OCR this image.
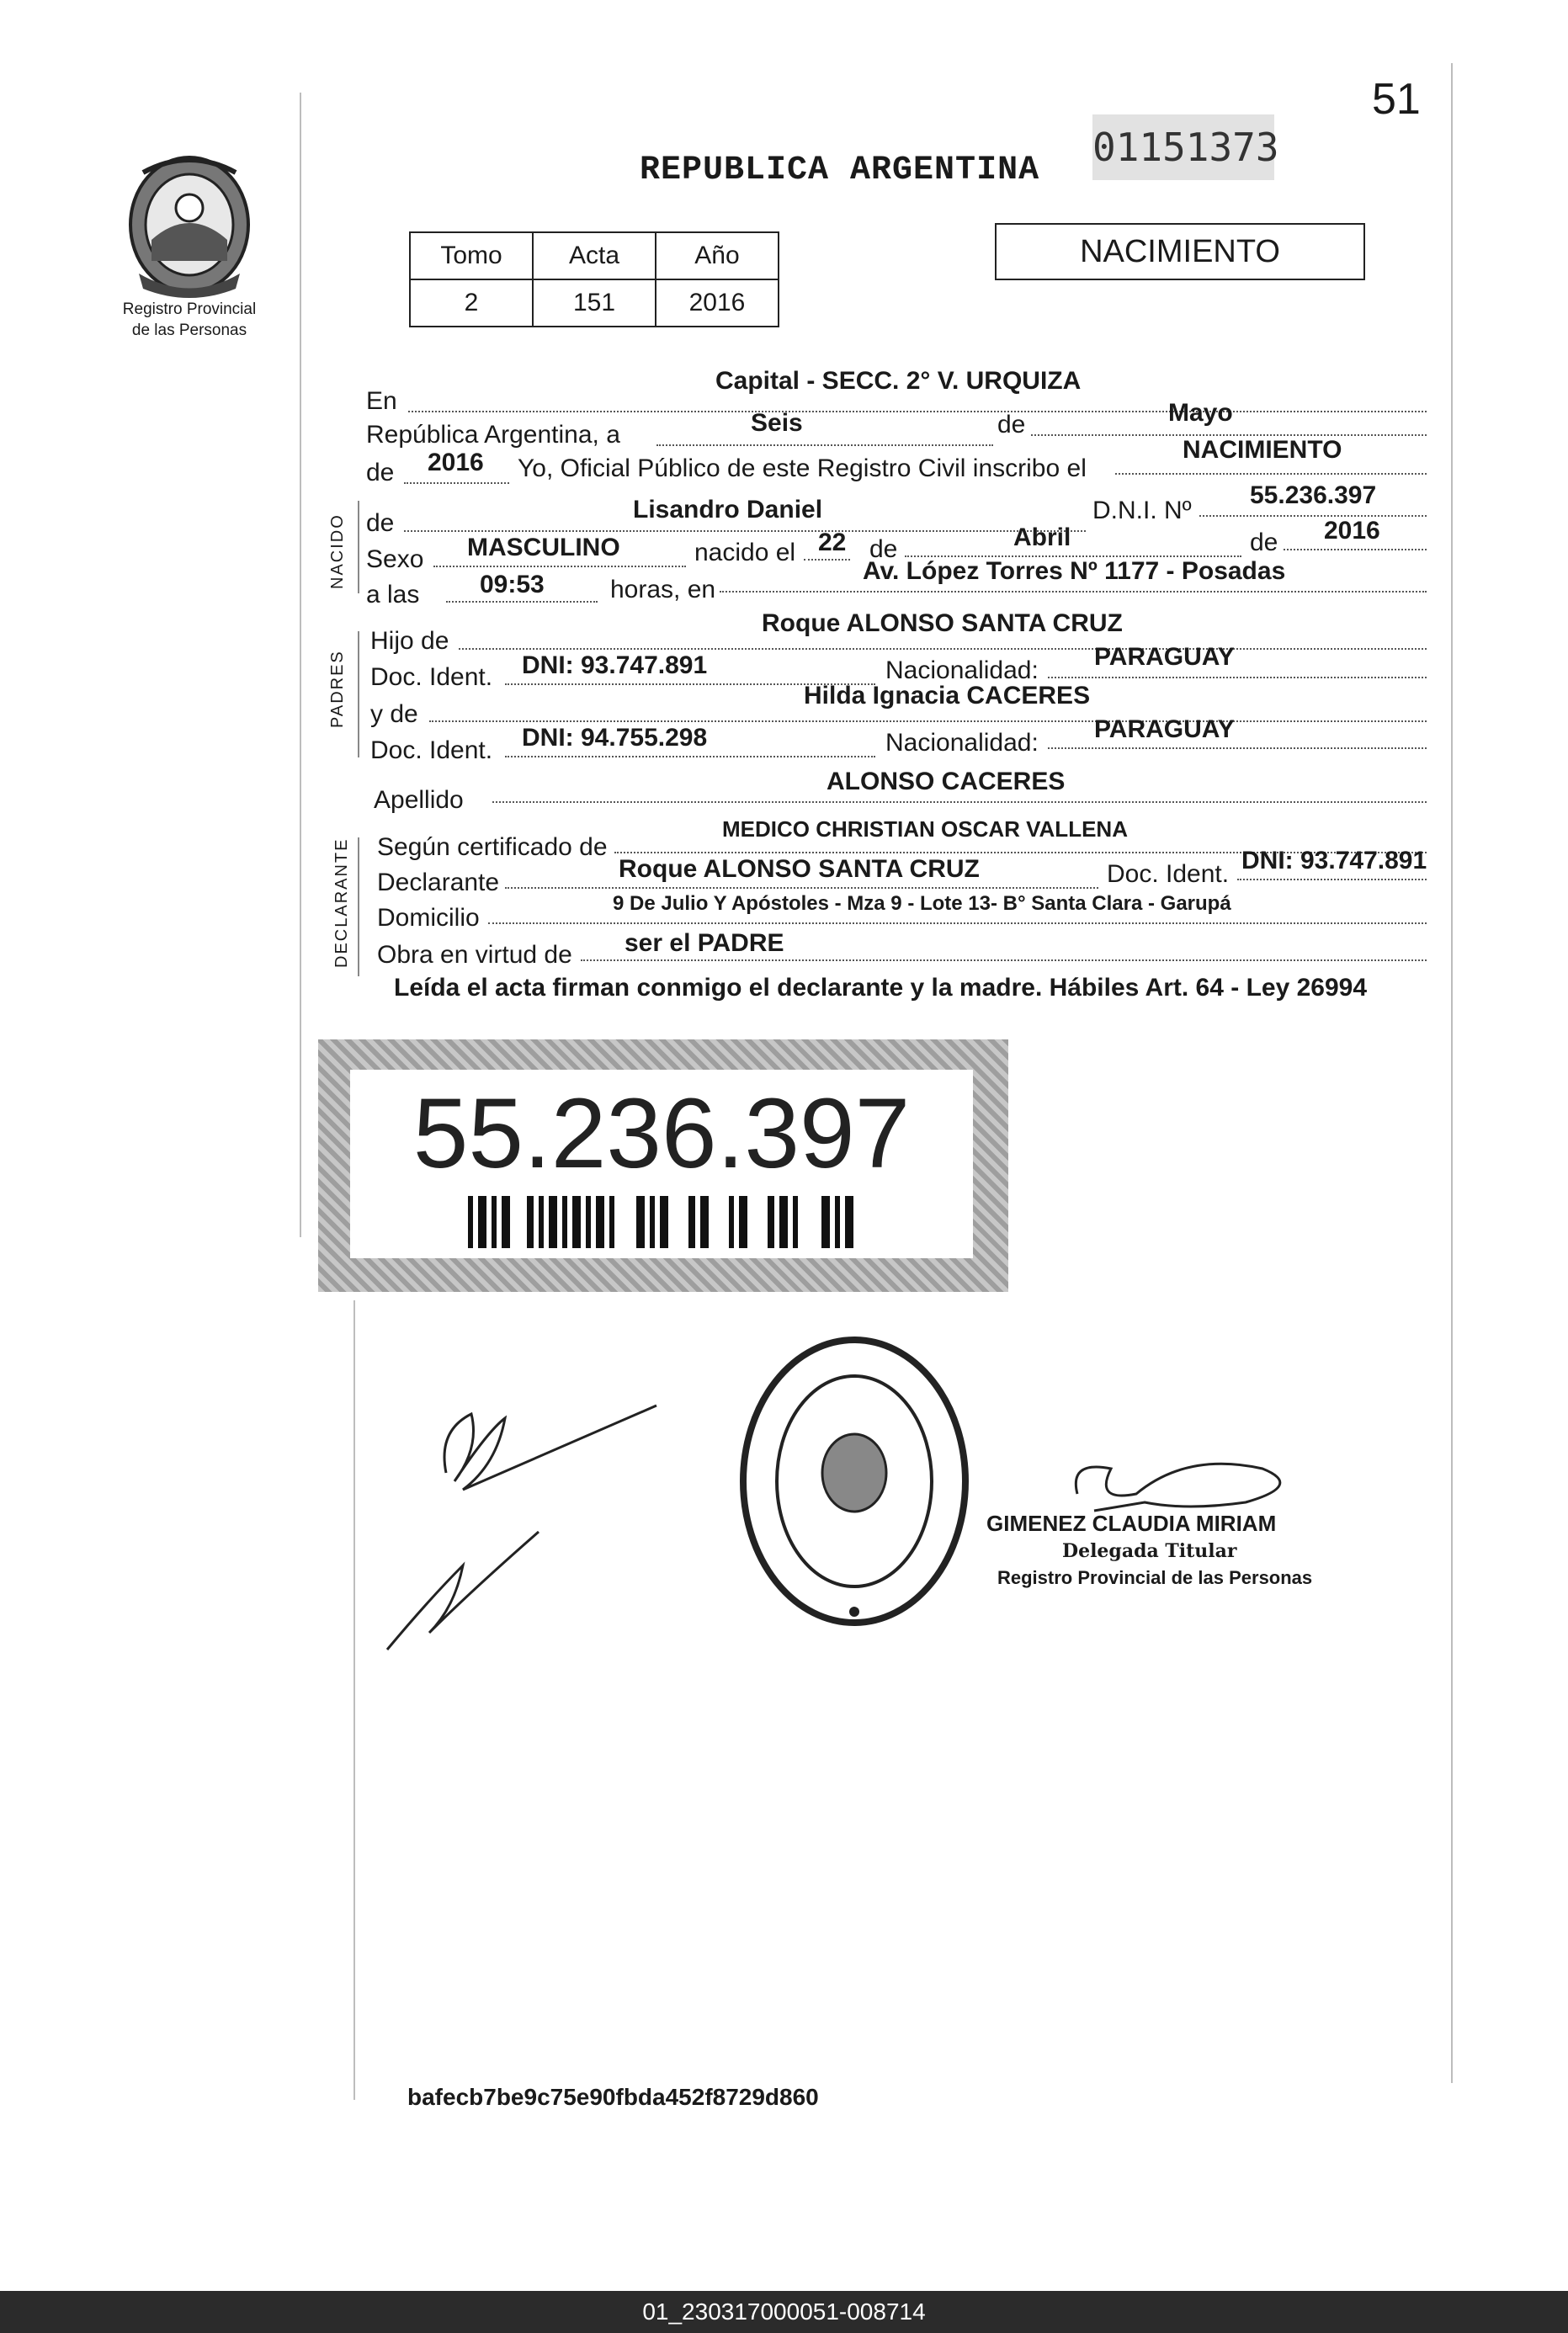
51
Registro Provincial
de las Personas
REPUBLICA ARGENTINA
01151373
Tomo	Acta	Año
2	151	2016
NACIMIENTO
NACIDO
PADRES
DECLARANTE
En
Capital - SECC. 2° V. URQUIZA
República Argentina, a	Seis	de	Mayo
de 2016 Yo, Oficial Público de este Registro Civil inscribo el
NACIMIENTO
de	Lisandro Daniel	D.N.I. Nº
55.236.397
Sexo MASCULINO	nacido el 22 de	Abril	de 2016
a las 09:53	horas, en
Av. López Torres Nº 1177 - Posadas
Hijo de
Roque ALONSO SANTA CRUZ
Doc. Ident. DNI: 93.747.891	Nacionalidad: PARAGUAY
y de
Hilda Ignacia CACERES
Doc. Ident. DNI: 94.755.298	Nacionalidad: PARAGUAY
Apellido
ALONSO CACERES
Según certificado de
MEDICO CHRISTIAN OSCAR VALLENA
Declarante	Roque ALONSO SANTA CRUZ	Doc. Ident. DNI: 93.747.891
Domicilio
9 De Julio Y Apóstoles - Mza 9 - Lote 13- B° Santa Clara - Garupá
Obra en virtud de ser el PADRE
Leída el acta firman conmigo el declarante y la madre. Hábiles Art. 64 - Ley 26994
55.236.397
GIMENEZ CLAUDIA MIRIAM
Delegada Titular
Registro Provincial de las Personas
bafecb7be9c75e90fbda452f8729d860
01_230317000051-008714
